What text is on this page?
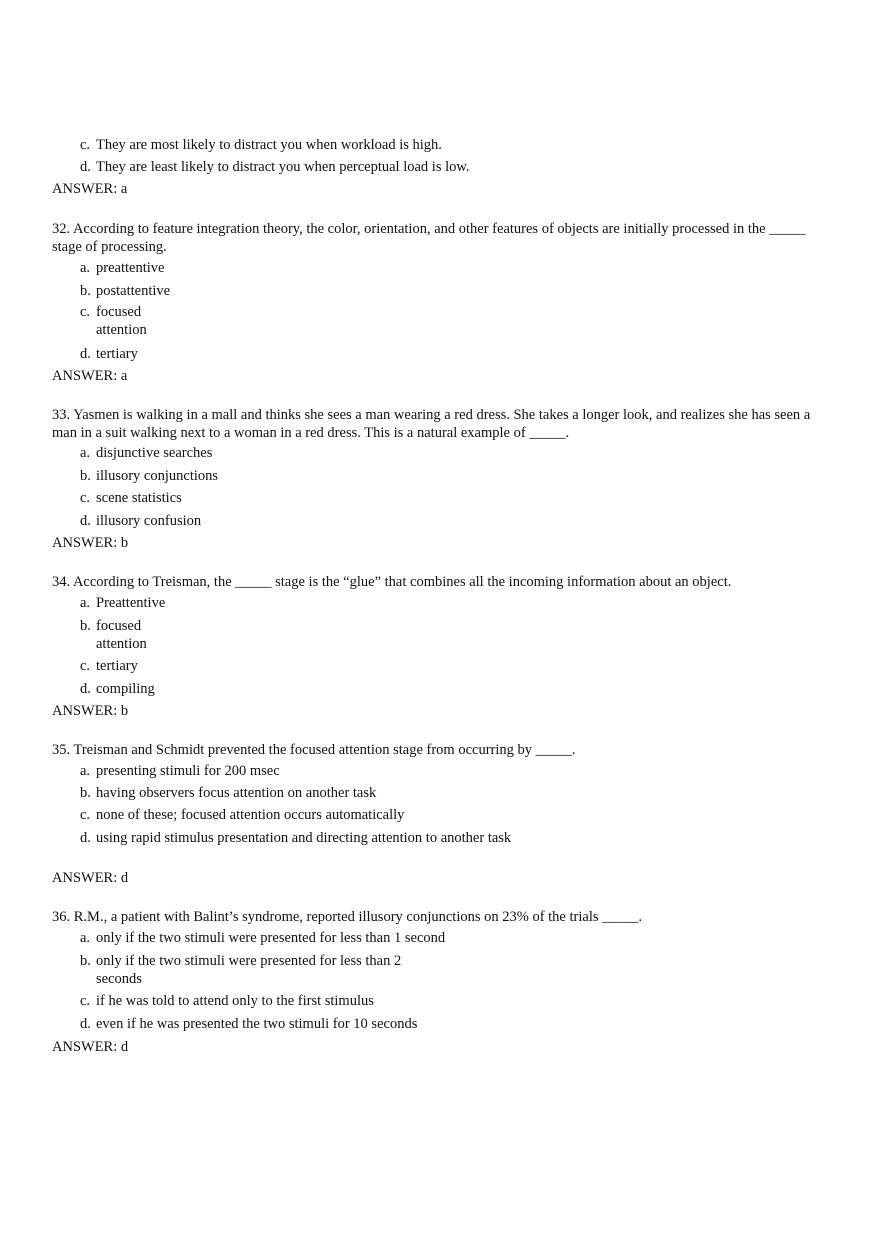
c. They are most likely to distract you when workload is high.

d. They are least likely to distract you when perceptual load is low.

ANSWER: a

32. According to feature integration theory, the color, orientation, and other features of objects are initially processed in the _____ stage of processing.

a. preattentive

b. postattentive

c. focused attention

d. tertiary

ANSWER: a

33. Yasmen is walking in a mall and thinks she sees a man wearing a red dress. She takes a longer look, and realizes she has seen a man in a suit walking next to a woman in a red dress. This is a natural example of _____.

a. disjunctive searches

b. illusory conjunctions

c. scene statistics

d. illusory confusion

ANSWER: b

34. According to Treisman, the _____ stage is the “glue” that combines all the incoming information about an object.

a. Preattentive

b. focused attention

c. tertiary

d. compiling

ANSWER: b

35. Treisman and Schmidt prevented the focused attention stage from occurring by _____.

a. presenting stimuli for 200 msec

b. having observers focus attention on another task

c. none of these; focused attention occurs automatically

d. using rapid stimulus presentation and directing attention to another task

ANSWER: d

36. R.M., a patient with Balint’s syndrome, reported illusory conjunctions on 23% of the trials _____.

a. only if the two stimuli were presented for less than 1 second

b. only if the two stimuli were presented for less than 2 seconds

c. if he was told to attend only to the first stimulus

d. even if he was presented the two stimuli for 10 seconds

ANSWER: d
